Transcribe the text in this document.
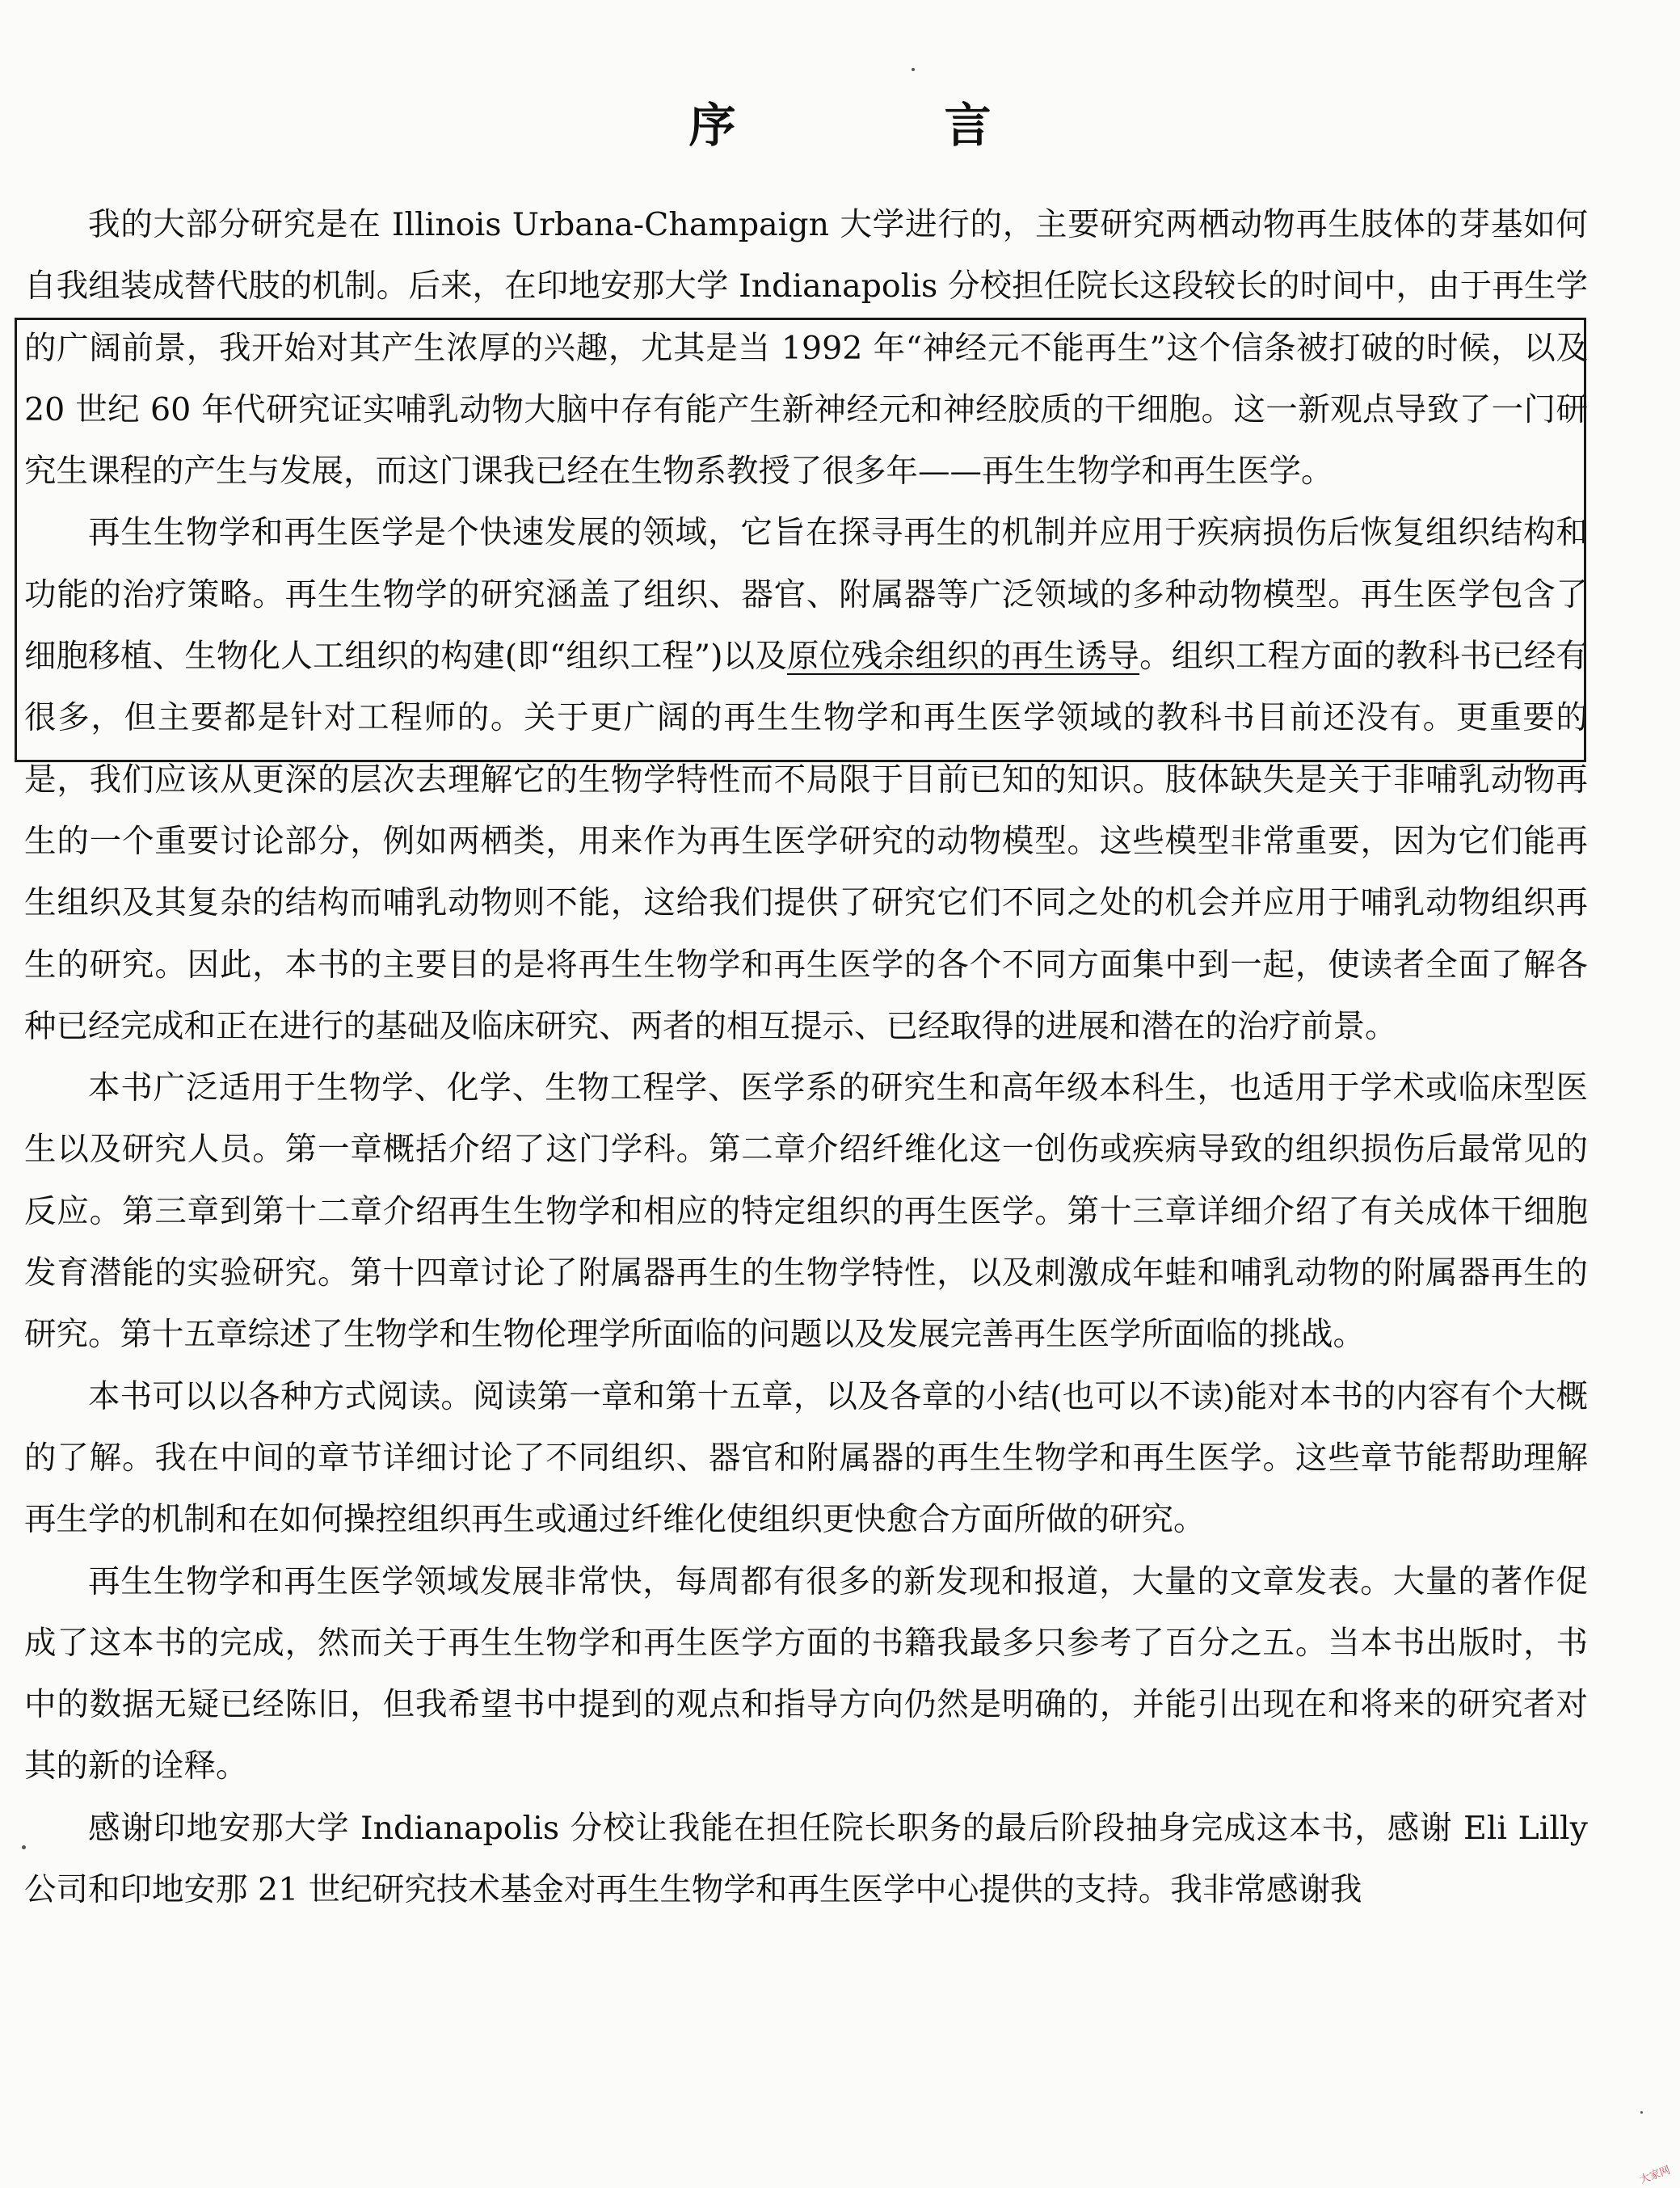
序　言

我的大部分研究是在 Illinois Urbana-Champaign 大学进行的，主要研究两栖动物再生肢体的芽基如何自我组装成替代肢的机制。后来，在印地安那大学 Indianapolis 分校担任院长这段较长的时间中，由于再生学的广阔前景，我开始对其产生浓厚的兴趣，尤其是当 1992 年“神经元不能再生”这个信条被打破的时候，以及 20 世纪 60 年代研究证实哺乳动物大脑中存有能产生新神经元和神经胶质的干细胞。这一新观点导致了一门研究生课程的产生与发展，而这门课我已经在生物系教授了很多年——再生生物学和再生医学。

再生生物学和再生医学是个快速发展的领域，它旨在探寻再生的机制并应用于疾病损伤后恢复组织结构和功能的治疗策略。再生生物学的研究涵盖了组织、器官、附属器等广泛领域的多种动物模型。再生医学包含了细胞移植、生物化人工组织的构建(即“组织工程”)以及原位残余组织的再生诱导。组织工程方面的教科书已经有很多，但主要都是针对工程师的。关于更广阔的再生生物学和再生医学领域的教科书目前还没有。更重要的是，我们应该从更深的层次去理解它的生物学特性而不局限于目前已知的知识。肢体缺失是关于非哺乳动物再生的一个重要讨论部分，例如两栖类，用来作为再生医学研究的动物模型。这些模型非常重要，因为它们能再生组织及其复杂的结构而哺乳动物则不能，这给我们提供了研究它们不同之处的机会并应用于哺乳动物组织再生的研究。因此，本书的主要目的是将再生生物学和再生医学的各个不同方面集中到一起，使读者全面了解各种已经完成和正在进行的基础及临床研究、两者的相互提示、已经取得的进展和潜在的治疗前景。

本书广泛适用于生物学、化学、生物工程学、医学系的研究生和高年级本科生，也适用于学术或临床型医生以及研究人员。第一章概括介绍了这门学科。第二章介绍纤维化这一创伤或疾病导致的组织损伤后最常见的反应。第三章到第十二章介绍再生生物学和相应的特定组织的再生医学。第十三章详细介绍了有关成体干细胞发育潜能的实验研究。第十四章讨论了附属器再生的生物学特性，以及刺激成年蛙和哺乳动物的附属器再生的研究。第十五章综述了生物学和生物伦理学所面临的问题以及发展完善再生医学所面临的挑战。

本书可以以各种方式阅读。阅读第一章和第十五章，以及各章的小结(也可以不读)能对本书的内容有个大概的了解。我在中间的章节详细讨论了不同组织、器官和附属器的再生生物学和再生医学。这些章节能帮助理解再生学的机制和在如何操控组织再生或通过纤维化使组织更快愈合方面所做的研究。

再生生物学和再生医学领域发展非常快，每周都有很多的新发现和报道，大量的文章发表。大量的著作促成了这本书的完成，然而关于再生生物学和再生医学方面的书籍我最多只参考了百分之五。当本书出版时，书中的数据无疑已经陈旧，但我希望书中提到的观点和指导方向仍然是明确的，并能引出现在和将来的研究者对其的新的诠释。

感谢印地安那大学 Indianapolis 分校让我能在担任院长职务的最后阶段抽身完成这本书，感谢 Eli Lilly 公司和印地安那 21 世纪研究技术基金对再生生物学和再生医学中心提供的支持。我非常感谢我

大家网
